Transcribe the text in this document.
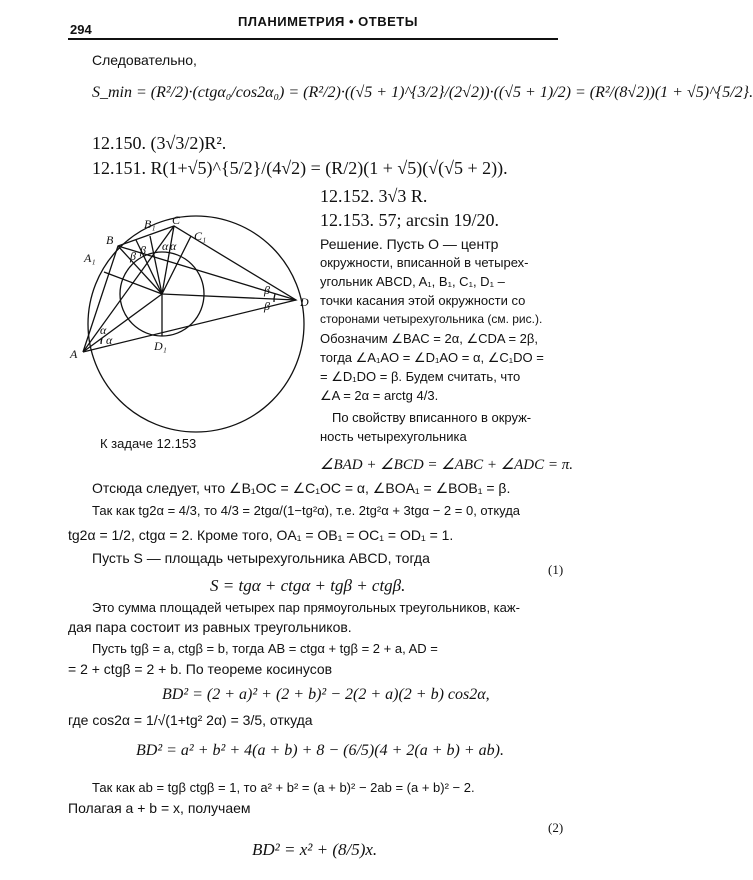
294
ПЛАНИМЕТРИЯ • ОТВЕТЫ
Следовательно,
S_min = (R²/2)·(ctgα₀/cos2α₀) = (R²/2)·((√5 + 1)^{3/2}/(2√2))·((√5 + 1)/2) = (R²/(8√2))(1 + √5)^{5/2}.
12.150. (3√3/2)R².
12.151. R(1+√5)^{5/2}/(4√2) = (R/2)(1 + √5)(√(√5 + 2)).
12.152. 3√3 R.
12.153. 57; arcsin 19/20.
Решение. Пусть O — центр
окружности, вписанной в четырех-
угольник ABCD, A₁, B₁, C₁, D₁ –
точки касания этой окружности со
сторонами четырехугольника (см. рис.).
Обозначим ∠BAC = 2α, ∠CDA = 2β,
тогда ∠A₁AO = ∠D₁AO = α, ∠C₁DO =
= ∠D₁DO = β. Будем считать, что
∠A = 2α = arctg 4/3.
По свойству вписанного в окруж-
ность четырехугольника
∠BAD + ∠BCD = ∠ABC + ∠ADC = π.
A
B
C
D
A₁
B₁
C₁
D₁
α
α
α α
β β
β
β
К задаче 12.153
Отсюда следует, что ∠B₁OC = ∠C₁OC = α, ∠BOA₁ = ∠BOB₁ = β.
Так как tg2α = 4/3, то 4/3 = 2tgα/(1−tg²α), т.е. 2tg²α + 3tgα − 2 = 0, откуда
tg2α = 1/2, ctgα = 2. Кроме того, OA₁ = OB₁ = OC₁ = OD₁ = 1.
Пусть S — площадь четырехугольника ABCD, тогда
S = tgα + ctgα + tgβ + ctgβ.
(1)
Это сумма площадей четырех пар прямоугольных треугольников, каж-
дая пара состоит из равных треугольников.
Пусть tgβ = a, ctgβ = b, тогда AB = ctgα + tgβ = 2 + a, AD =
= 2 + ctgβ = 2 + b. По теореме косинусов
BD² = (2 + a)² + (2 + b)² − 2(2 + a)(2 + b) cos2α,
где cos2α = 1/√(1+tg² 2α) = 3/5, откуда
BD² = a² + b² + 4(a + b) + 8 − (6/5)(4 + 2(a + b) + ab).
Так как ab = tgβ ctgβ = 1, то a² + b² = (a + b)² − 2ab = (a + b)² − 2.
Полагая a + b = x, получаем
(2)
BD² = x² + (8/5)x.
